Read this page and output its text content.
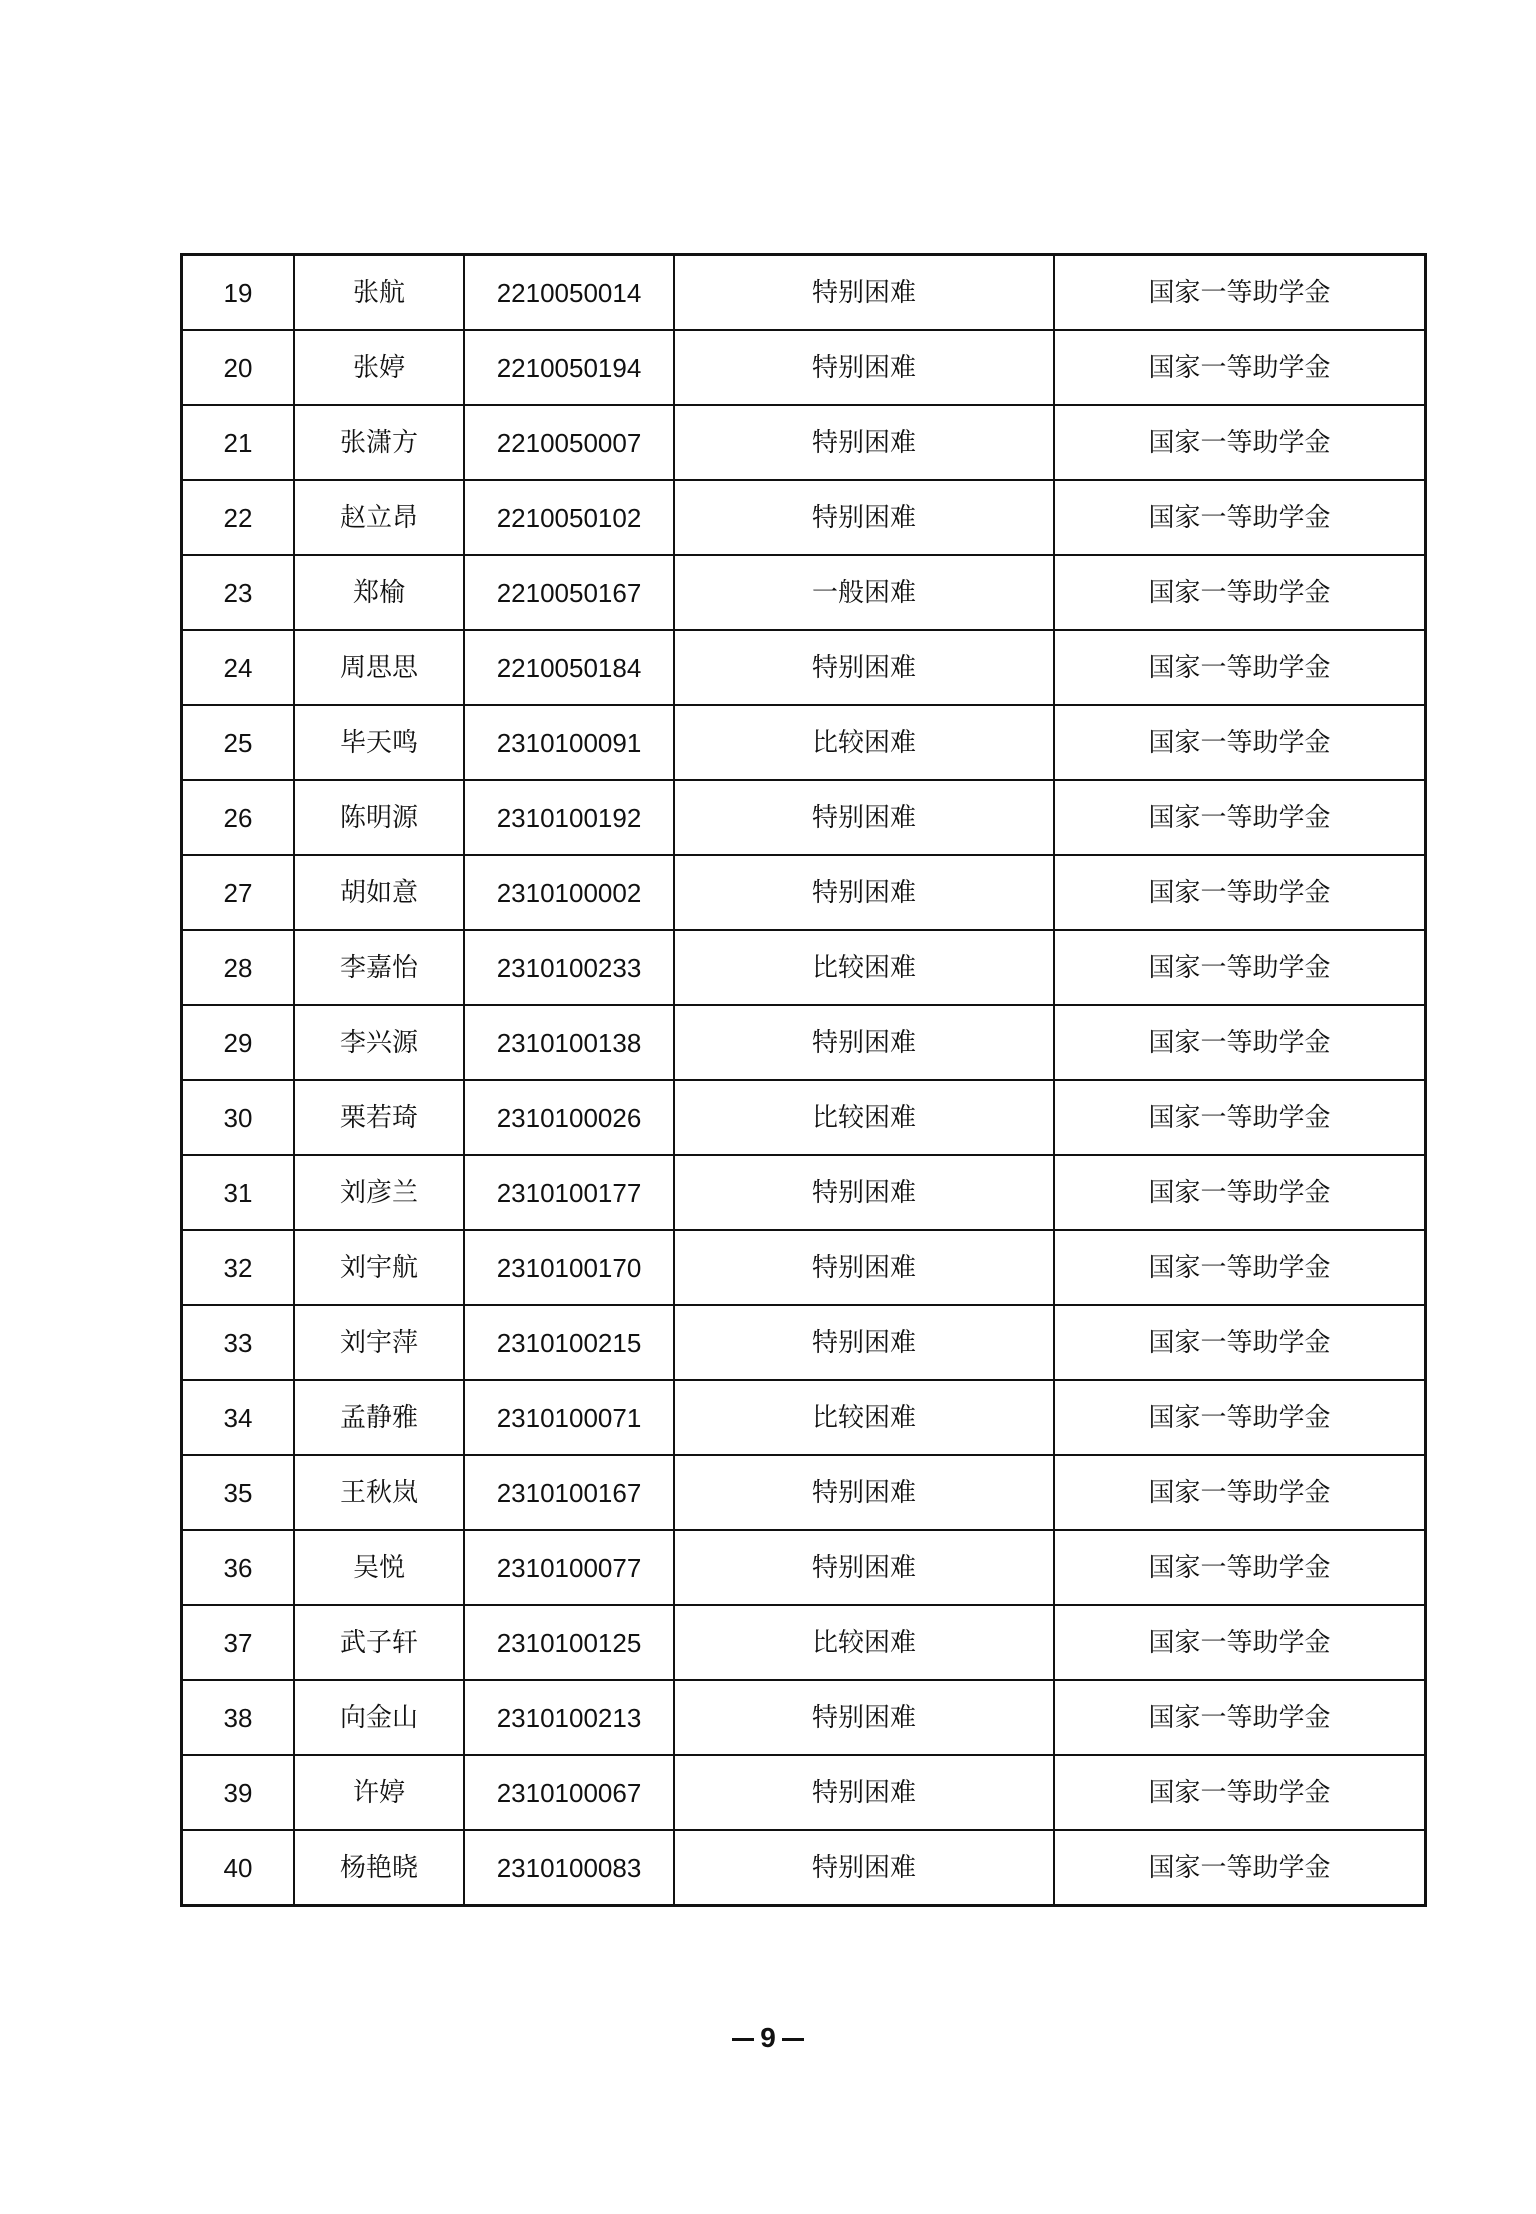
19	张航	2210050014	特别困难	国家一等助学金
20	张婷	2210050194	特别困难	国家一等助学金
21	张潇方	2210050007	特别困难	国家一等助学金
22	赵立昂	2210050102	特别困难	国家一等助学金
23	郑榆	2210050167	一般困难	国家一等助学金
24	周思思	2210050184	特别困难	国家一等助学金
25	毕天鸣	2310100091	比较困难	国家一等助学金
26	陈明源	2310100192	特别困难	国家一等助学金
27	胡如意	2310100002	特别困难	国家一等助学金
28	李嘉怡	2310100233	比较困难	国家一等助学金
29	李兴源	2310100138	特别困难	国家一等助学金
30	栗若琦	2310100026	比较困难	国家一等助学金
31	刘彦兰	2310100177	特别困难	国家一等助学金
32	刘宇航	2310100170	特别困难	国家一等助学金
33	刘宇萍	2310100215	特别困难	国家一等助学金
34	孟静雅	2310100071	比较困难	国家一等助学金
35	王秋岚	2310100167	特别困难	国家一等助学金
36	吴悦	2310100077	特别困难	国家一等助学金
37	武子轩	2310100125	比较困难	国家一等助学金
38	向金山	2310100213	特别困难	国家一等助学金
39	许婷	2310100067	特别困难	国家一等助学金
40	杨艳晓	2310100083	特别困难	国家一等助学金
9
